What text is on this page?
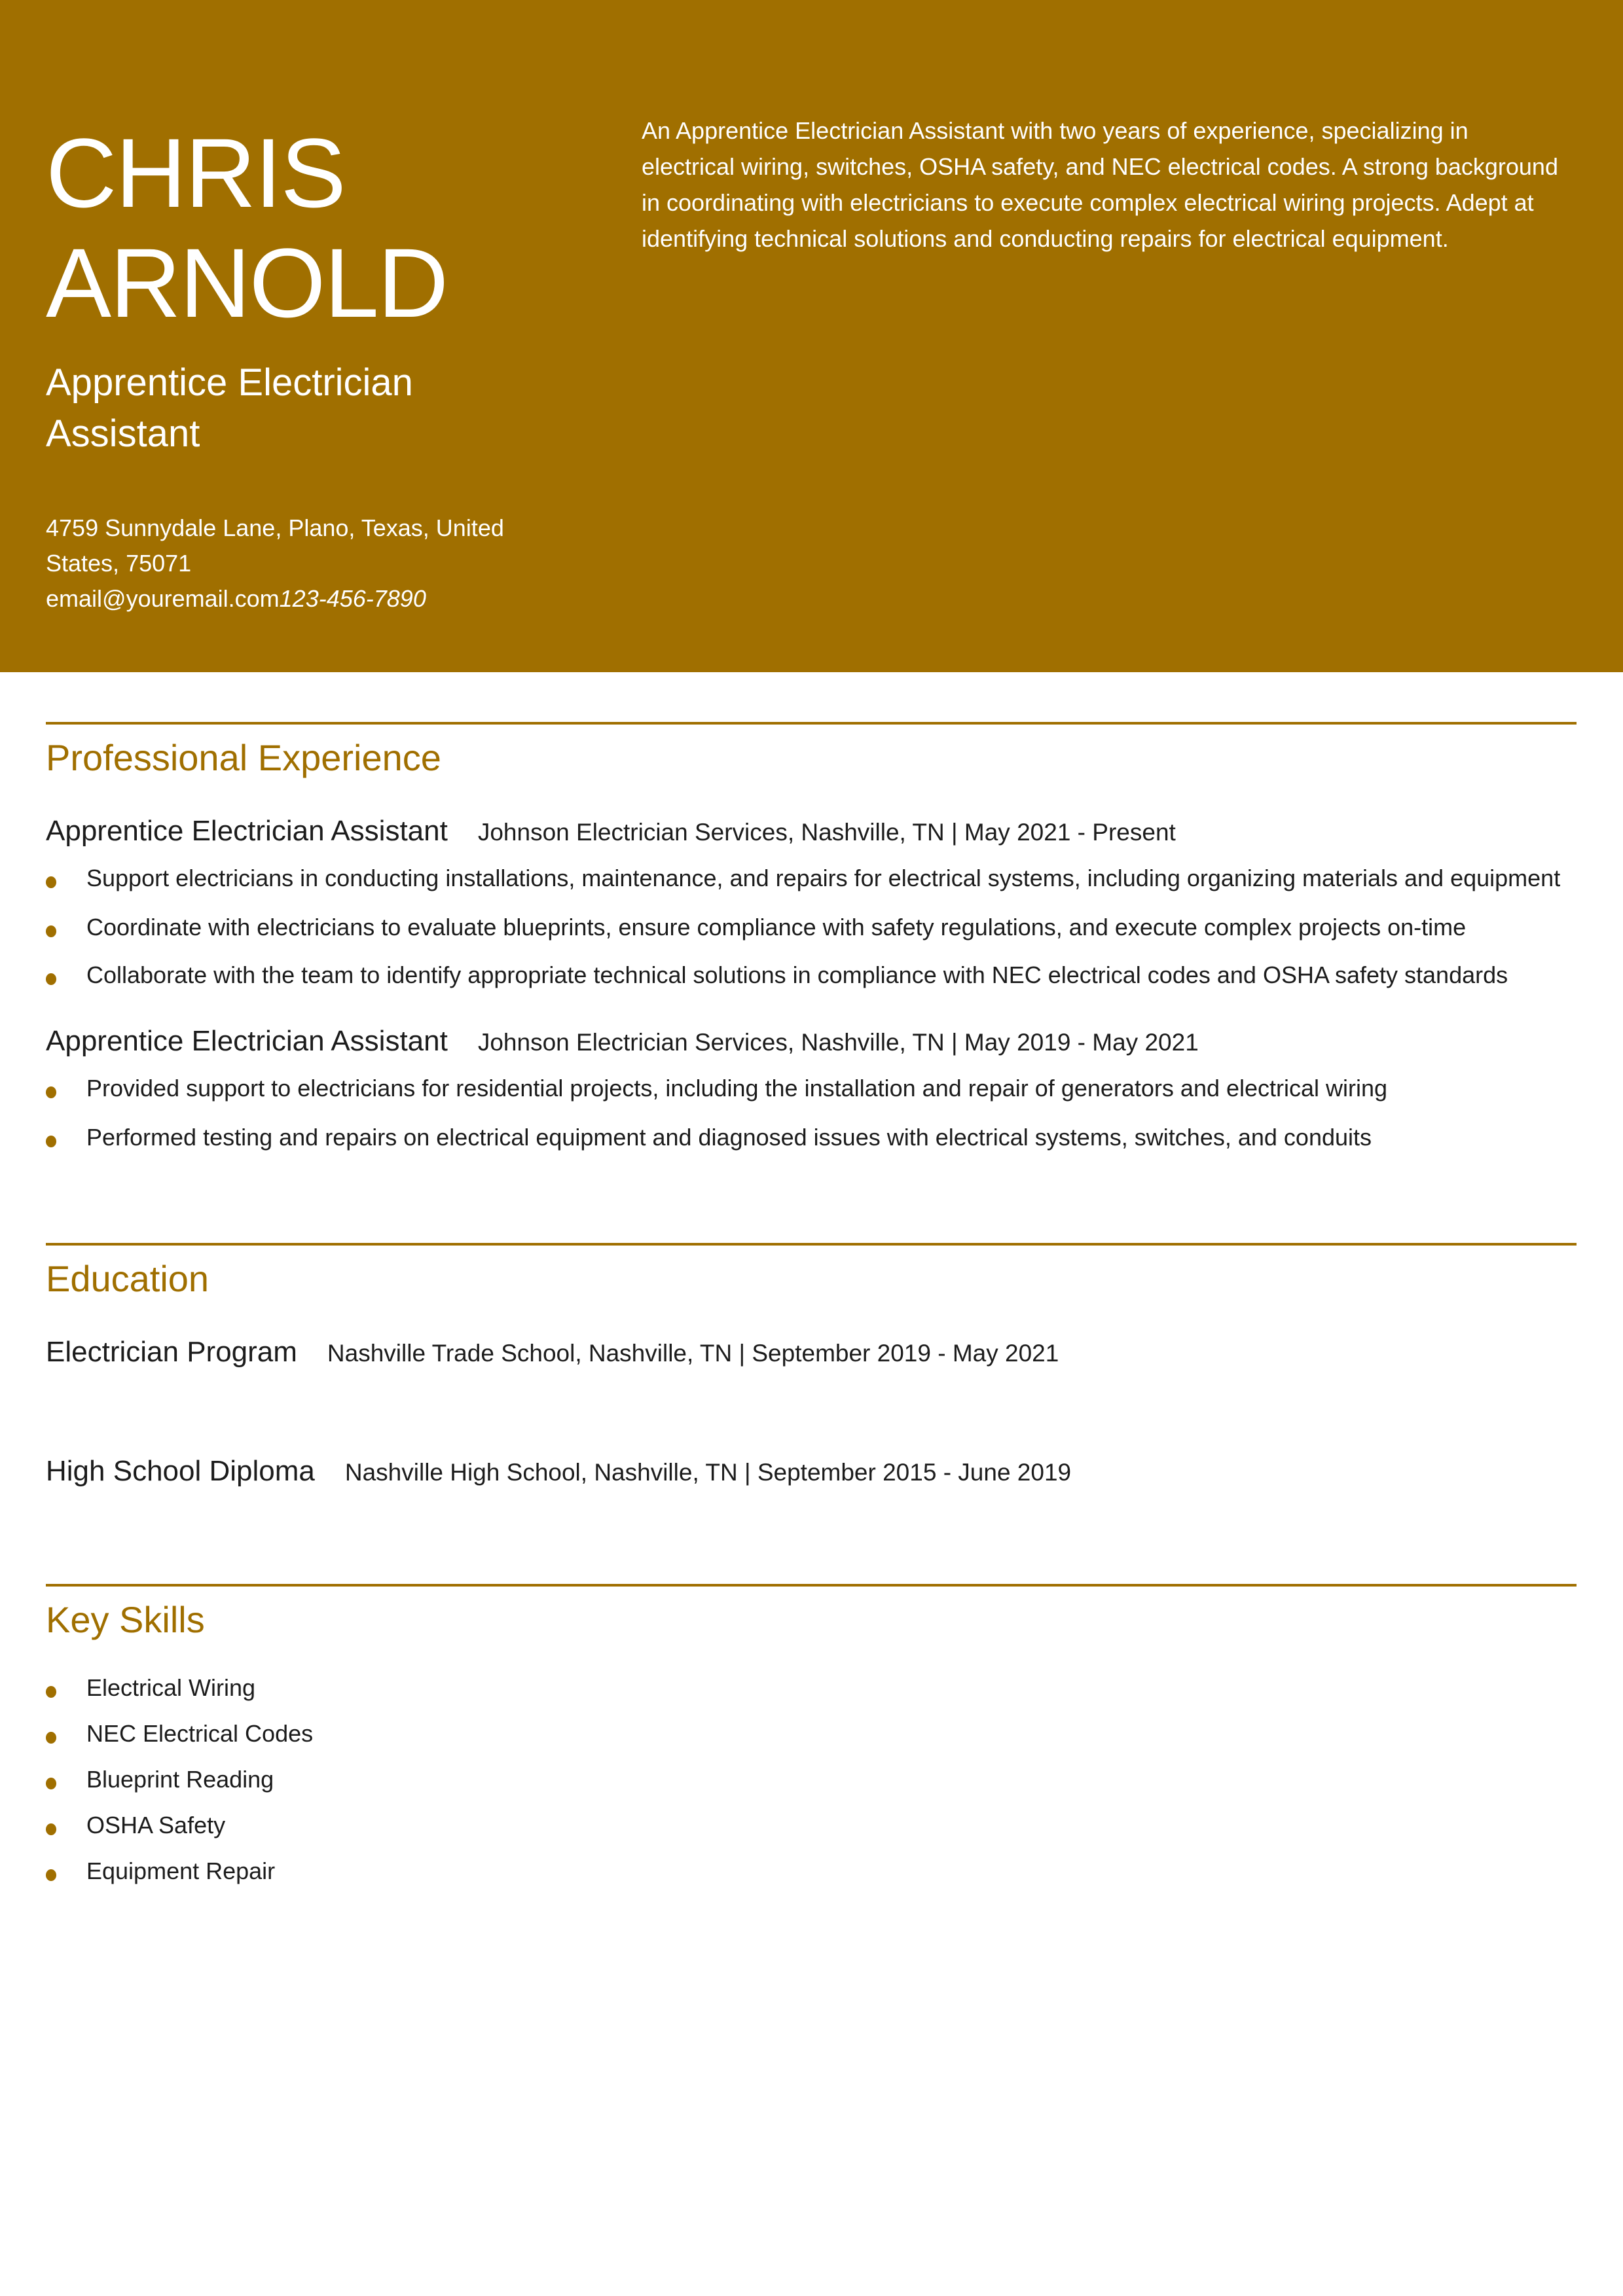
CHRIS
ARNOLD
Apprentice Electrician
Assistant
4759 Sunnydale Lane, Plano, Texas, United
States, 75071
email@youremail.com123-456-7890

An Apprentice Electrician Assistant with two years of experience, specializing in electrical wiring, switches, OSHA safety, and NEC electrical codes. A strong background in coordinating with electricians to execute complex electrical wiring projects. Adept at identifying technical solutions and conducting repairs for electrical equipment.

Professional Experience
Apprentice Electrician Assistant Johnson Electrician Services, Nashville, TN | May 2021 - Present
Support electricians in conducting installations, maintenance, and repairs for electrical systems, including organizing materials and equipment
Coordinate with electricians to evaluate blueprints, ensure compliance with safety regulations, and execute complex projects on-time
Collaborate with the team to identify appropriate technical solutions in compliance with NEC electrical codes and OSHA safety standards
Apprentice Electrician Assistant Johnson Electrician Services, Nashville, TN | May 2019 - May 2021
Provided support to electricians for residential projects, including the installation and repair of generators and electrical wiring
Performed testing and repairs on electrical equipment and diagnosed issues with electrical systems, switches, and conduits
Education
Electrician Program Nashville Trade School, Nashville, TN | September 2019 - May 2021
High School Diploma Nashville High School, Nashville, TN | September 2015 - June 2019
Key Skills
Electrical Wiring
NEC Electrical Codes
Blueprint Reading
OSHA Safety
Equipment Repair
